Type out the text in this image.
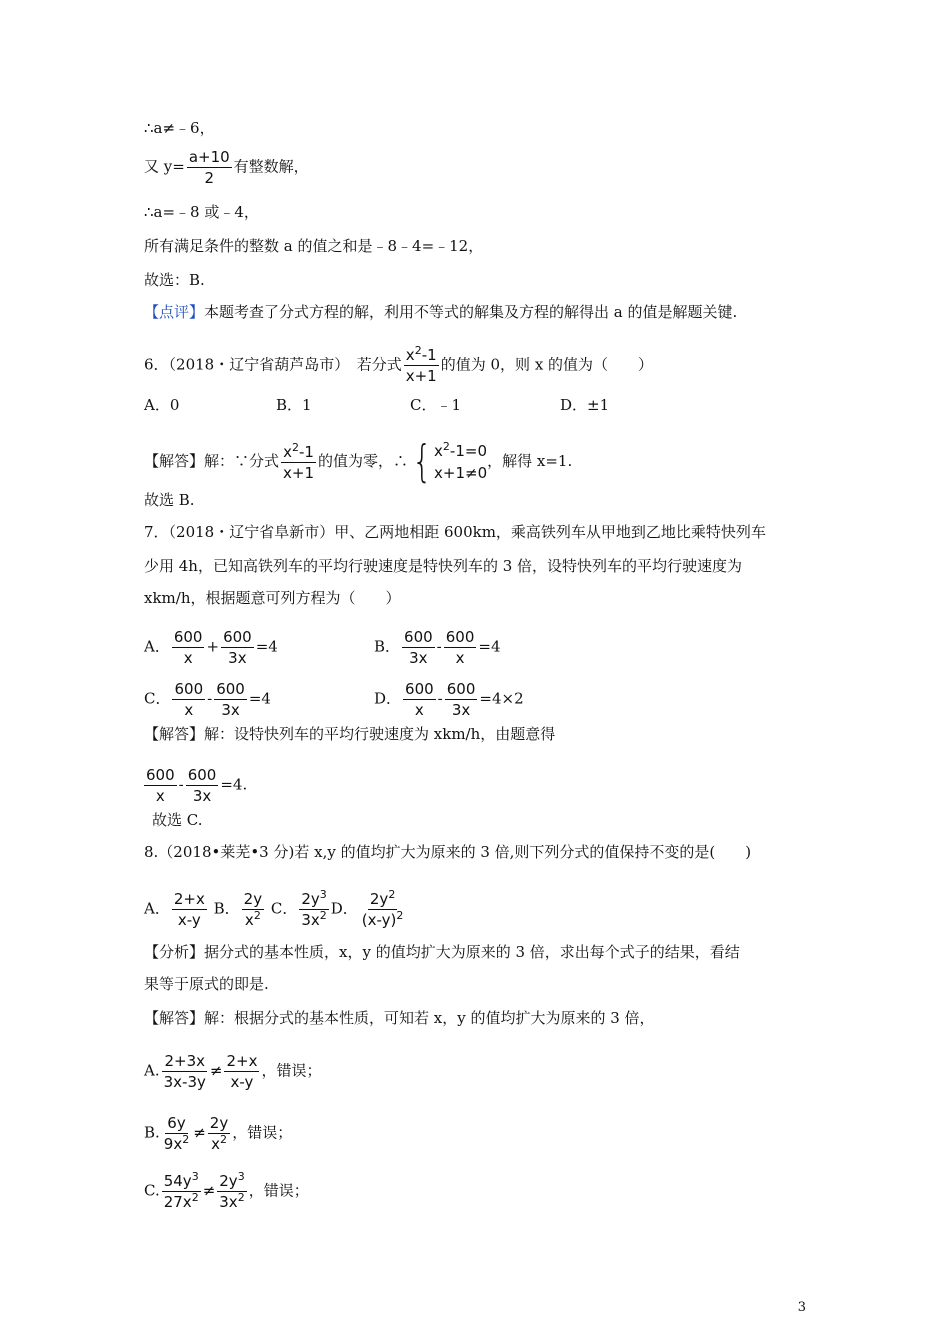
∴a≠﹣6，
又 $y= \frac{a+10}{2}$ 有整数解，
∴a=﹣8 或﹣4，
所有满足条件的整数 a 的值之和是﹣8﹣4=﹣12，
故选：B.
【点评】本题考查了分式方程的解，利用不等式的解集及方程的解得出 a 的值是解题关键.
6．（2018・辽宁省葫芦岛市）　若分式 $\frac{x^2-1}{x+1}$ 的值为 0，则 x 的值为（　　）
A．0	B．1	C．﹣1	D．±1
【解答】解：∵分式 $\frac{x^2-1}{x+1}$ 的值为零，∴ { $x^2-1=0$
x+1≠0
，解得 x=1.
故选 B.
7．（2018・辽宁省阜新市）甲、乙两地相距 600km，乘高铁列车从甲地到乙地比乘特快列车
少用 4h，已知高铁列车的平均行驶速度是特快列车的 3 倍，设特快列车的平均行驶速度为
xkm/h，根据题意可列方程为（　　）
A． $\frac{600}{x} + \frac{600}{3x} =4$	B． $\frac{600}{3x} - \frac{600}{x} =4$
C． $\frac{600}{x} - \frac{600}{3x} =4$	D． $\frac{600}{x} - \frac{600}{3x} =4\times 2$
【解答】解：设特快列车的平均行驶速度为 xkm/h，由题意得
$\frac{600}{x} - \frac{600}{3x} =4$.
故选 C.
8.（2018•莱芜•3 分)若 x,y 的值均扩大为原来的 3 倍,则下列分式的值保持不变的是(　　)
A． $\frac{2+x}{x-y}$ B． $\frac{2y}{x^2}$ C． $\frac{2y^3}{3x^2}$ D． $\frac{2y^2}{(x-y)^2}$
【分析】据分式的基本性质，x，y 的值均扩大为原来的 3 倍，求出每个式子的结果，看结
果等于原式的即是.
【解答】解：根据分式的基本性质，可知若 x，y 的值均扩大为原来的 3 倍，
A. $\frac{2+3x}{3x-3y} \ne \frac{2+x}{x-y}$ ，错误；
B. $\frac{6y}{9x^2} \ne \frac{2y}{x^2}$ ，错误；
C. $\frac{54y^3}{27x^2} \ne \frac{2y^3}{3x^2}$ ，错误；
3
